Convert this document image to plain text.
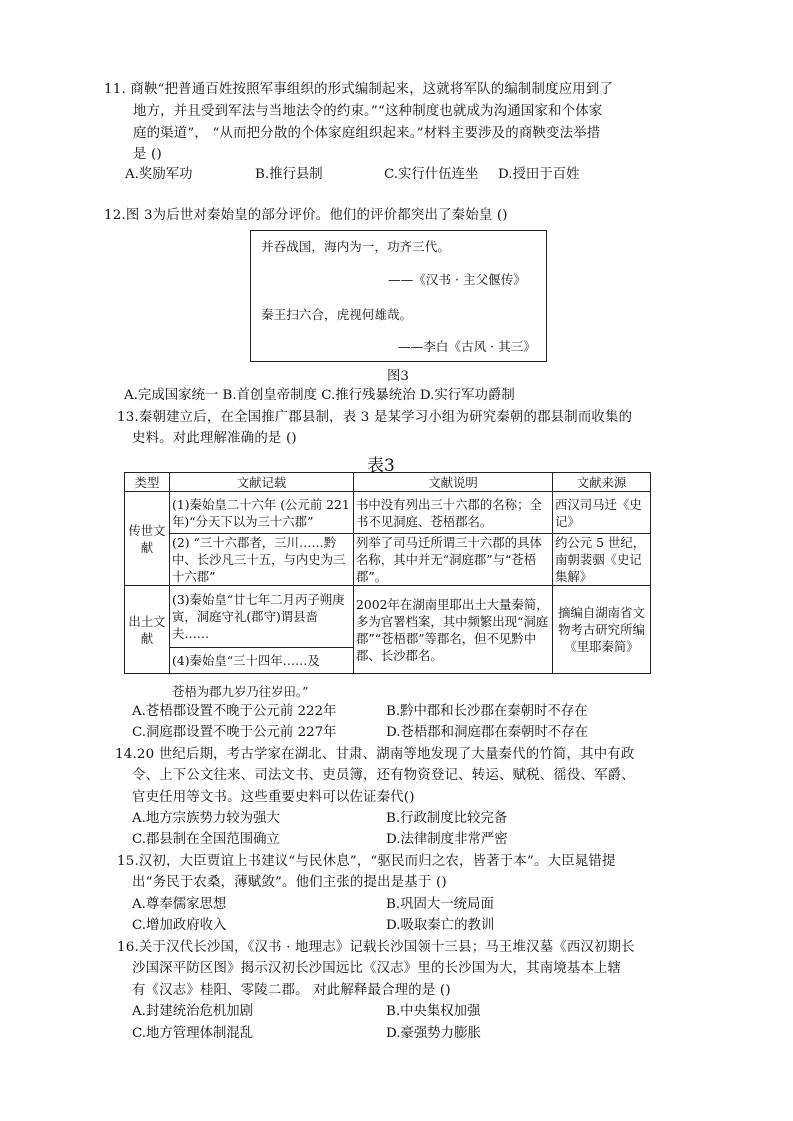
11. 商鞅“把普通百姓按照军事组织的形式编制起来，这就将军队的编制制度应用到了
地方，并且受到军法与当地法令的约束。”“这种制度也就成为沟通国家和个体家
庭的渠道”， “从而把分散的个体家庭组织起来。”材料主要涉及的商鞅变法举措
是 ()
A.奖励军功	B.推行县制	C.实行什伍连坐 D.授田于百姓
12.图 3为后世对秦始皇的部分评价。他们的评价都突出了秦始皇 ()
并吞战国，海内为一，功齐三代。
——《汉书 · 主父偃传》
秦王扫六合，虎视何雄哉。
——李白《古风 · 其三》
图3
A.完成国家统一 B.首创皇帝制度 C.推行残暴统治 D.实行军功爵制
13.秦朝建立后，在全国推广郡县制，表 3 是某学习小组为研究秦朝的郡县制而收集的
史料。对此理解准确的是 ()
表3
类型	文献记载	文献说明	文献来源
传世文献	(1)秦始皇二十六年 (公元前 221年)“分天下以为三十六郡”	书中没有列出三十六郡的名称；全书不见洞庭、苍梧郡名。	西汉司马迁《史记》
	(2) “三十六郡者，三川……黔中、长沙凡三十五，与内史为三十六郡”	列举了司马迁所谓三十六郡的具体名称，其中并无“洞庭郡”与“苍梧郡”。	约公元 5 世纪，南朝裴骃《史记集解》
出土文献	(3)秦始皇“廿七年二月丙子朔庚寅，洞庭守礼(郡守)谓县啬夫……	2002年在湖南里耶出土大量秦简，多为官署档案，其中频繁出现“洞庭郡”“苍梧郡”等郡名，但不见黔中郡、长沙郡名。	摘编自湖南省文物考古研究所编《里耶秦简》
	(4)秦始皇“三十四年……及		
苍梧为郡九岁乃往岁田。”
A.苍梧郡设置不晚于公元前 222年	B.黔中郡和长沙郡在秦朝时不存在
C.洞庭郡设置不晚于公元前 227年	D.苍梧郡和洞庭郡在秦朝时不存在
14.20 世纪后期，考古学家在湖北、甘肃、湖南等地发现了大量秦代的竹简，其中有政
令、上下公文往来、司法文书、吏员簿，还有物资登记、转运、赋税、徭役、军爵、
官吏任用等文书。这些重要史料可以佐证秦代()
A.地方宗族势力较为强大	B.行政制度比较完备
C.郡县制在全国范围确立	D.法律制度非常严密
15.汉初，大臣贾谊上书建议“与民休息”，“驱民而归之农，皆著于本”。大臣晁错提
出“务民于农桑，薄赋敛”。他们主张的提出是基于 ()
A.尊奉儒家思想	B.巩固大一统局面
C.增加政府收入	D.吸取秦亡的教训
16.关于汉代长沙国，《汉书 · 地理志》记载长沙国领十三县；马王堆汉墓《西汉初期长
沙国深平防区图》揭示汉初长沙国远比《汉志》里的长沙国为大，其南境基本上辖
有《汉志》桂阳、零陵二郡。 对此解释最合理的是 ()
A.封建统治危机加剧	B.中央集权加强
C.地方管理体制混乱	D.豪强势力膨胀
